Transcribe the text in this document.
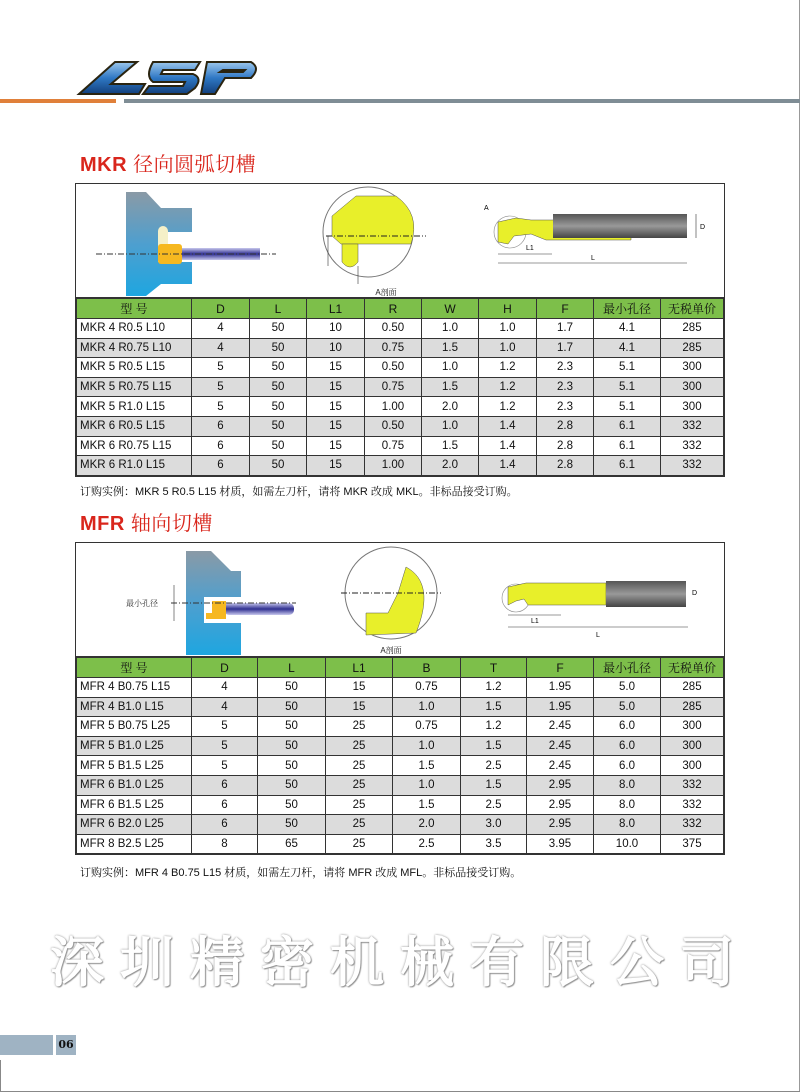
MKR 径向圆弧切槽
A剖面
L1
L
D
A
型 号	D	L	L1	R	W	H	F	最小孔径	无税单价
MKR 4 R0.5 L10	4	50	10	0.50	1.0	1.0	1.7	4.1	285
MKR 4 R0.75 L10	4	50	10	0.75	1.5	1.0	1.7	4.1	285
MKR 5 R0.5 L15	5	50	15	0.50	1.0	1.2	2.3	5.1	300
MKR 5 R0.75 L15	5	50	15	0.75	1.5	1.2	2.3	5.1	300
MKR 5 R1.0 L15	5	50	15	1.00	2.0	1.2	2.3	5.1	300
MKR 6 R0.5 L15	6	50	15	0.50	1.0	1.4	2.8	6.1	332
MKR 6 R0.75 L15	6	50	15	0.75	1.5	1.4	2.8	6.1	332
MKR 6 R1.0 L15	6	50	15	1.00	2.0	1.4	2.8	6.1	332
订购实例：MKR 5 R0.5 L15 材质，如需左刀杆，请将 MKR 改成 MKL。非标品接受订购。
MFR 轴向切槽
最小孔径
A剖面
L1
L
D
型 号	D	L	L1	B	T	F	最小孔径	无税单价
MFR 4 B0.75 L15	4	50	15	0.75	1.2	1.95	5.0	285
MFR 4 B1.0 L15	4	50	15	1.0	1.5	1.95	5.0	285
MFR 5 B0.75 L25	5	50	25	0.75	1.2	2.45	6.0	300
MFR 5 B1.0 L25	5	50	25	1.0	1.5	2.45	6.0	300
MFR 5 B1.5 L25	5	50	25	1.5	2.5	2.45	6.0	300
MFR 6 B1.0 L25	6	50	25	1.0	1.5	2.95	8.0	332
MFR 6 B1.5 L25	6	50	25	1.5	2.5	2.95	8.0	332
MFR 6 B2.0 L25	6	50	25	2.0	3.0	2.95	8.0	332
MFR 8 B2.5 L25	8	65	25	2.5	3.5	3.95	10.0	375
订购实例：MFR 4 B0.75 L15 材质，如需左刀杆，请将 MFR 改成 MFL。非标品接受订购。
深圳精密机械有限公司
06
